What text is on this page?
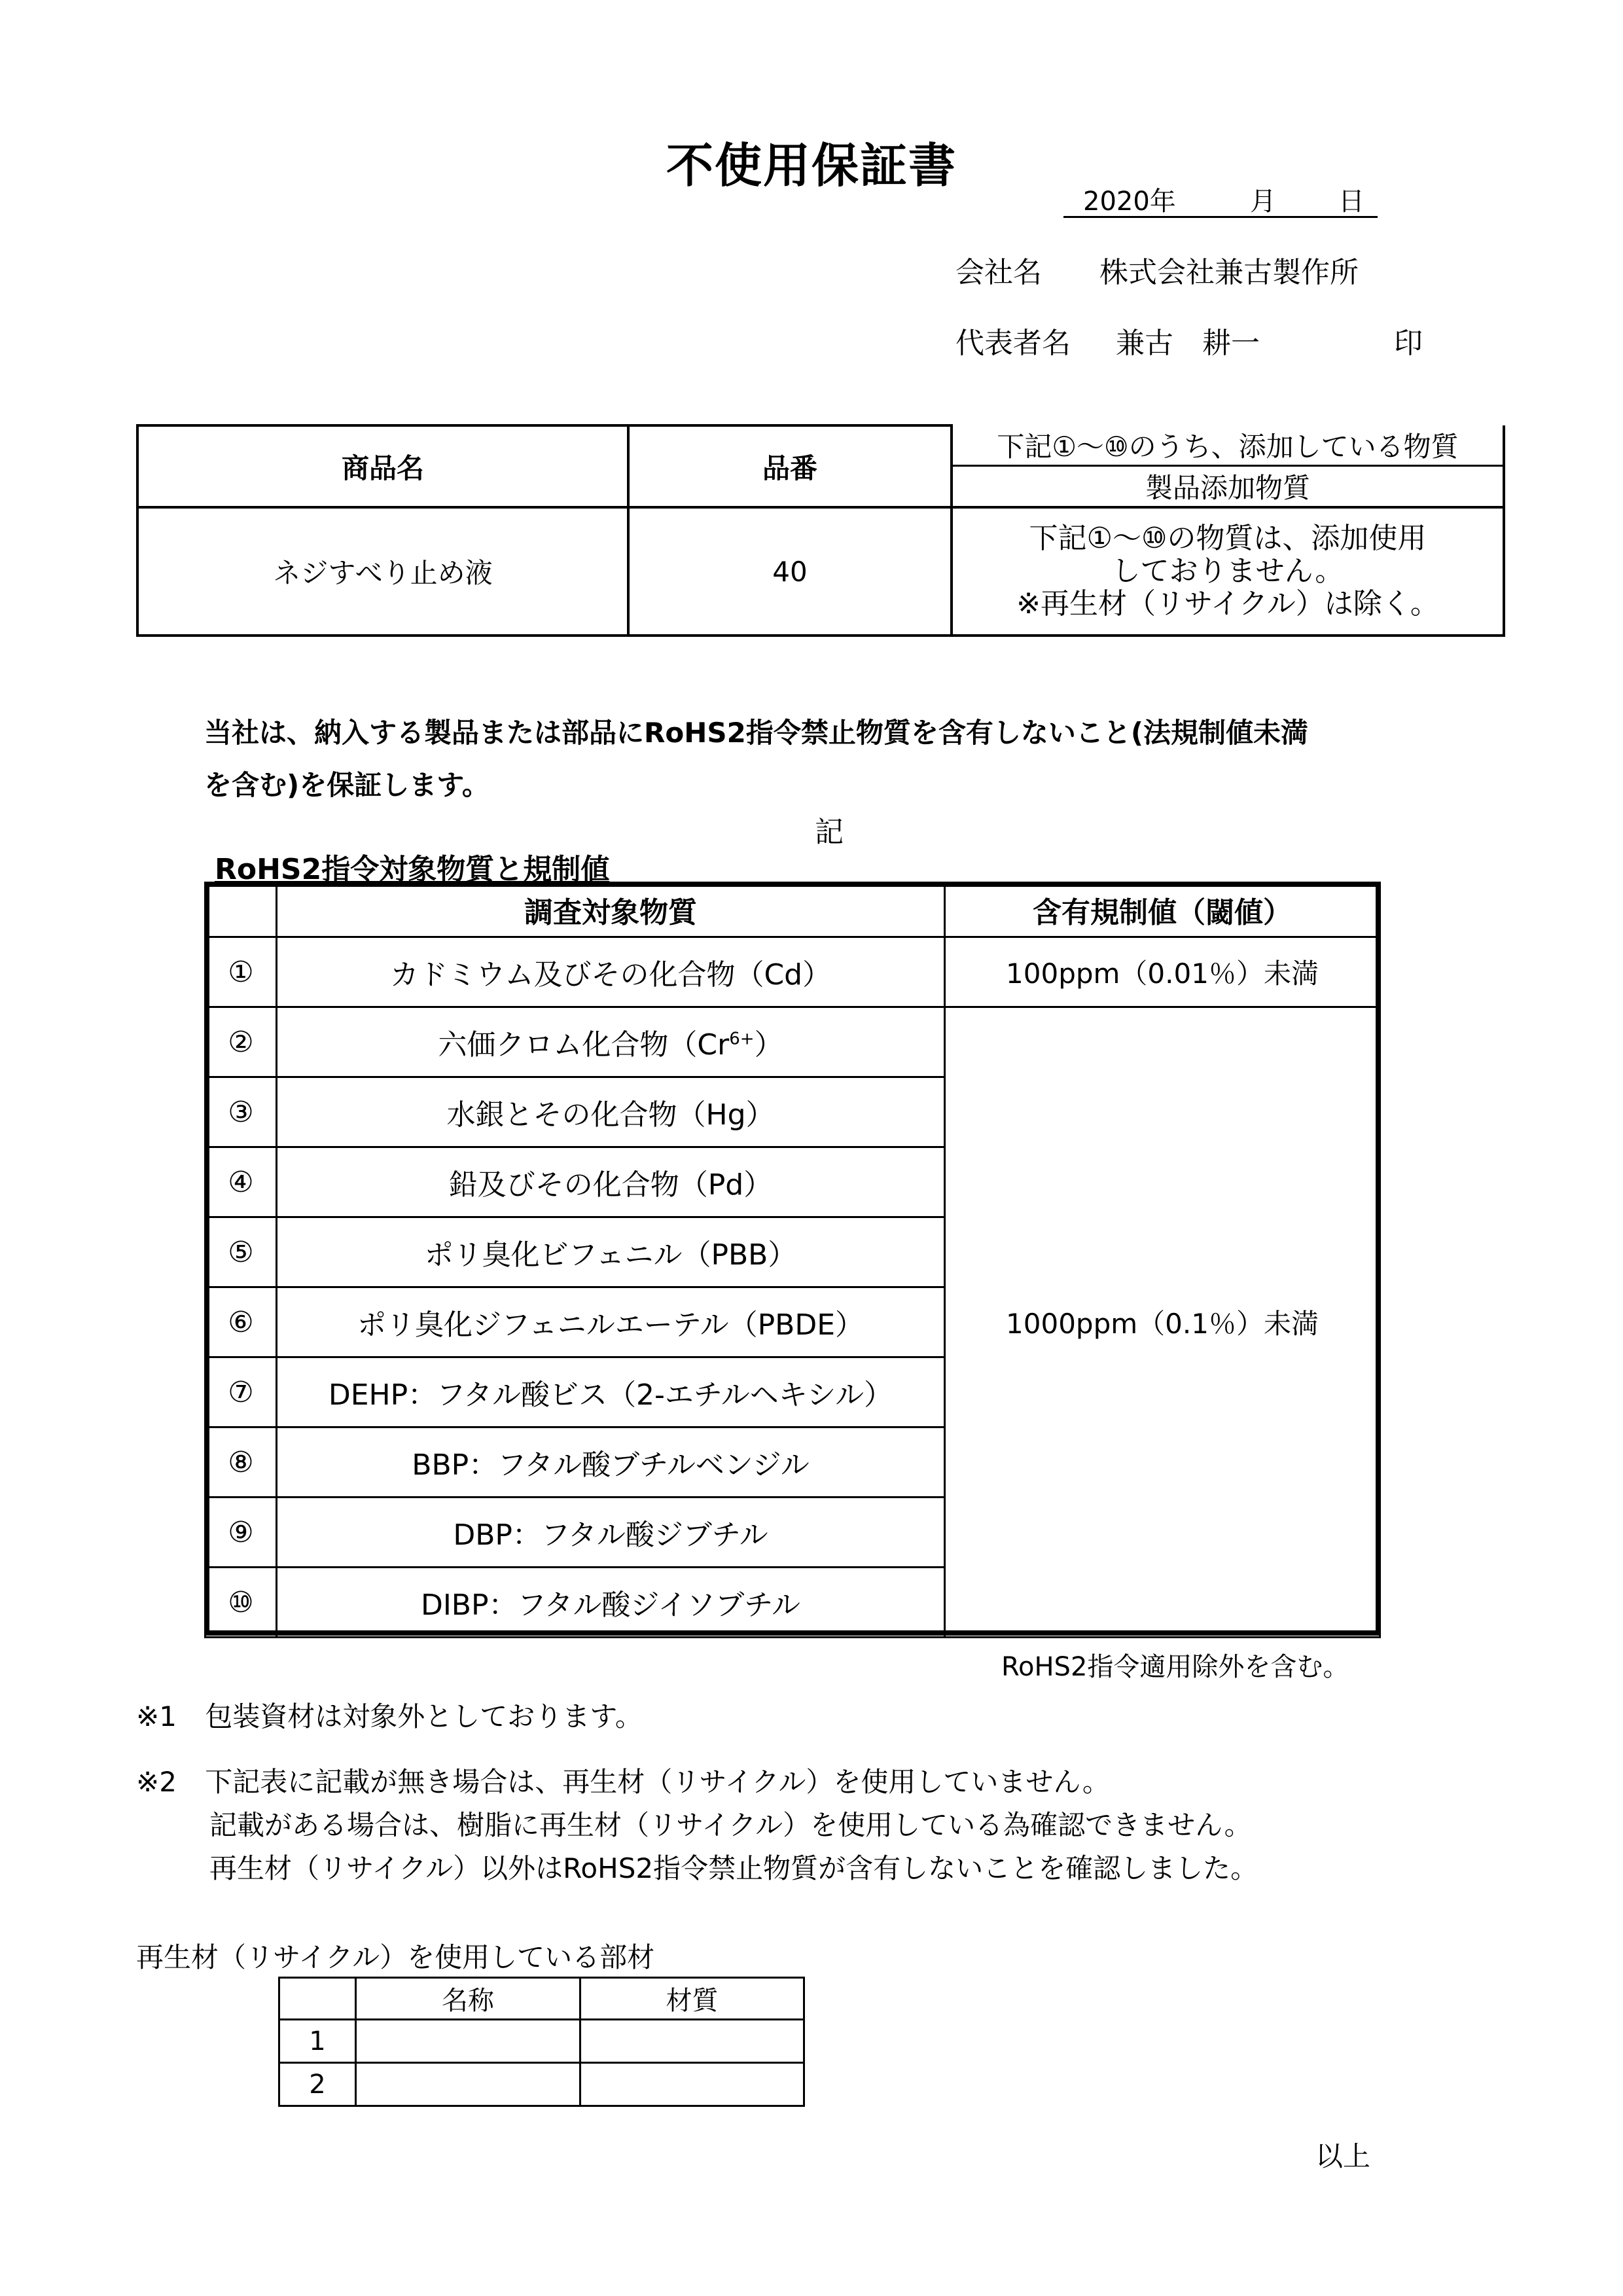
不使用保証書
2020年	月 日
会社名 株式会社兼古製作所
代表者名 兼古　耕一	印
商品名	品番	下記①～⑩のうち、添加している物質
		製品添加物質
ネジすべり止め液	40	下記①～⑩の物質は、添加使用
しておりません。
※再生材（リサイクル）は除く。
当社は、納入する製品または部品にRoHS2指令禁止物質を含有しないこと(法規制値未満
を含む)を保証します。
記
RoHS2指令対象物質と規制値
	調査対象物質	含有規制値（閾値）
①	カドミウム及びその化合物（Cd）	100ppm（0.01％）未満
②	六価クロム化合物$(Cr^{6+})$	1000ppm（0.1％）未満
③	水銀とその化合物（Hg）	
④	鉛及びその化合物（Pd）	
⑤	ポリ臭化ビフェニル（PBB）	
⑥	ポリ臭化ジフェニルエーテル（PBDE）	
⑦	DEHP：フタル酸ビス（2-エチルヘキシル）	
⑧	BBP：フタル酸ブチルベンジル	
⑨	DBP：フタル酸ジブチル	
⑩	DIBP：フタル酸ジイソブチル	
RoHS2指令適用除外を含む。
※1 包装資材は対象外としております。
※2 下記表に記載が無き場合は、再生材（リサイクル）を使用していません。
記載がある場合は、樹脂に再生材（リサイクル）を使用している為確認できません。
再生材（リサイクル）以外はRoHS2指令禁止物質が含有しないことを確認しました。
再生材（リサイクル）を使用している部材
	名称	材質
1		
2		
以上
